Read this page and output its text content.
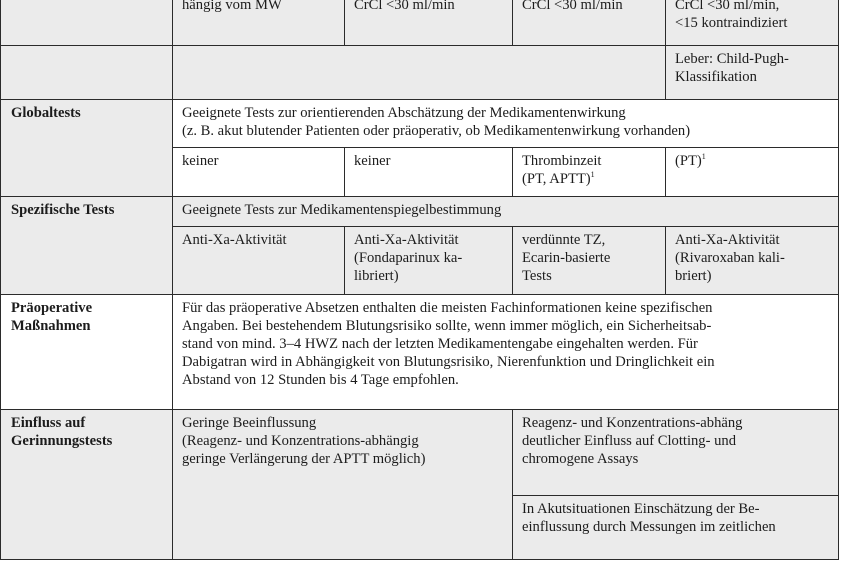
	hängig vom MW	CrCl <30 ml/min	CrCl <30 ml/min	CrCl <30 ml/min,
<15 kontraindiziert
				Leber: Child-Pugh-Klassifikation
Globaltests	Geeignete Tests zur orientierenden Abschätzung der Medikamentenwirkung
(z. B. akut blutender Patienten oder präoperativ, ob Medikamentenwirkung vorhanden)			
	keiner	keiner	Thrombinzeit
(PT, APTT)$^1$	(PT)$^1$
Spezifische Tests	Geeignete Tests zur Medikamentenspiegelbestimmung			
	Anti-Xa-Aktivität	Anti-Xa-Aktivität
(Fondaparinux ka-
libriert)	verdünnte TZ,
Ecarin-basierte
Tests	Anti-Xa-Aktivität
(Rivaroxaban kali-
briert)
Präoperative
Maßnahmen	Für das präoperative Absetzen enthalten die meisten Fachinformationen keine spezifischen
Angaben. Bei bestehendem Blutungsrisiko sollte, wenn immer möglich, ein Sicherheitsab-
stand von mind. 3–4 HWZ nach der letzten Medikamentengabe eingehalten werden. Für
Dabigatran wird in Abhängigkeit von Blutungsrisiko, Nierenfunktion und Dringlichkeit ein
Abstand von 12 Stunden bis 4 Tage empfohlen.			
Einfluss auf
Gerinnungstests	Geringe Beeinflussung
(Reagenz- und Konzentrations-abhängig
geringe Verlängerung der APTT möglich)		Reagenz- und Konzentrations-abhäng
deutlicher Einfluss auf Clotting- und
chromogene Assays	
			In Akutsituationen Einschätzung der Be-
einflussung durch Messungen im zeitlichen	
